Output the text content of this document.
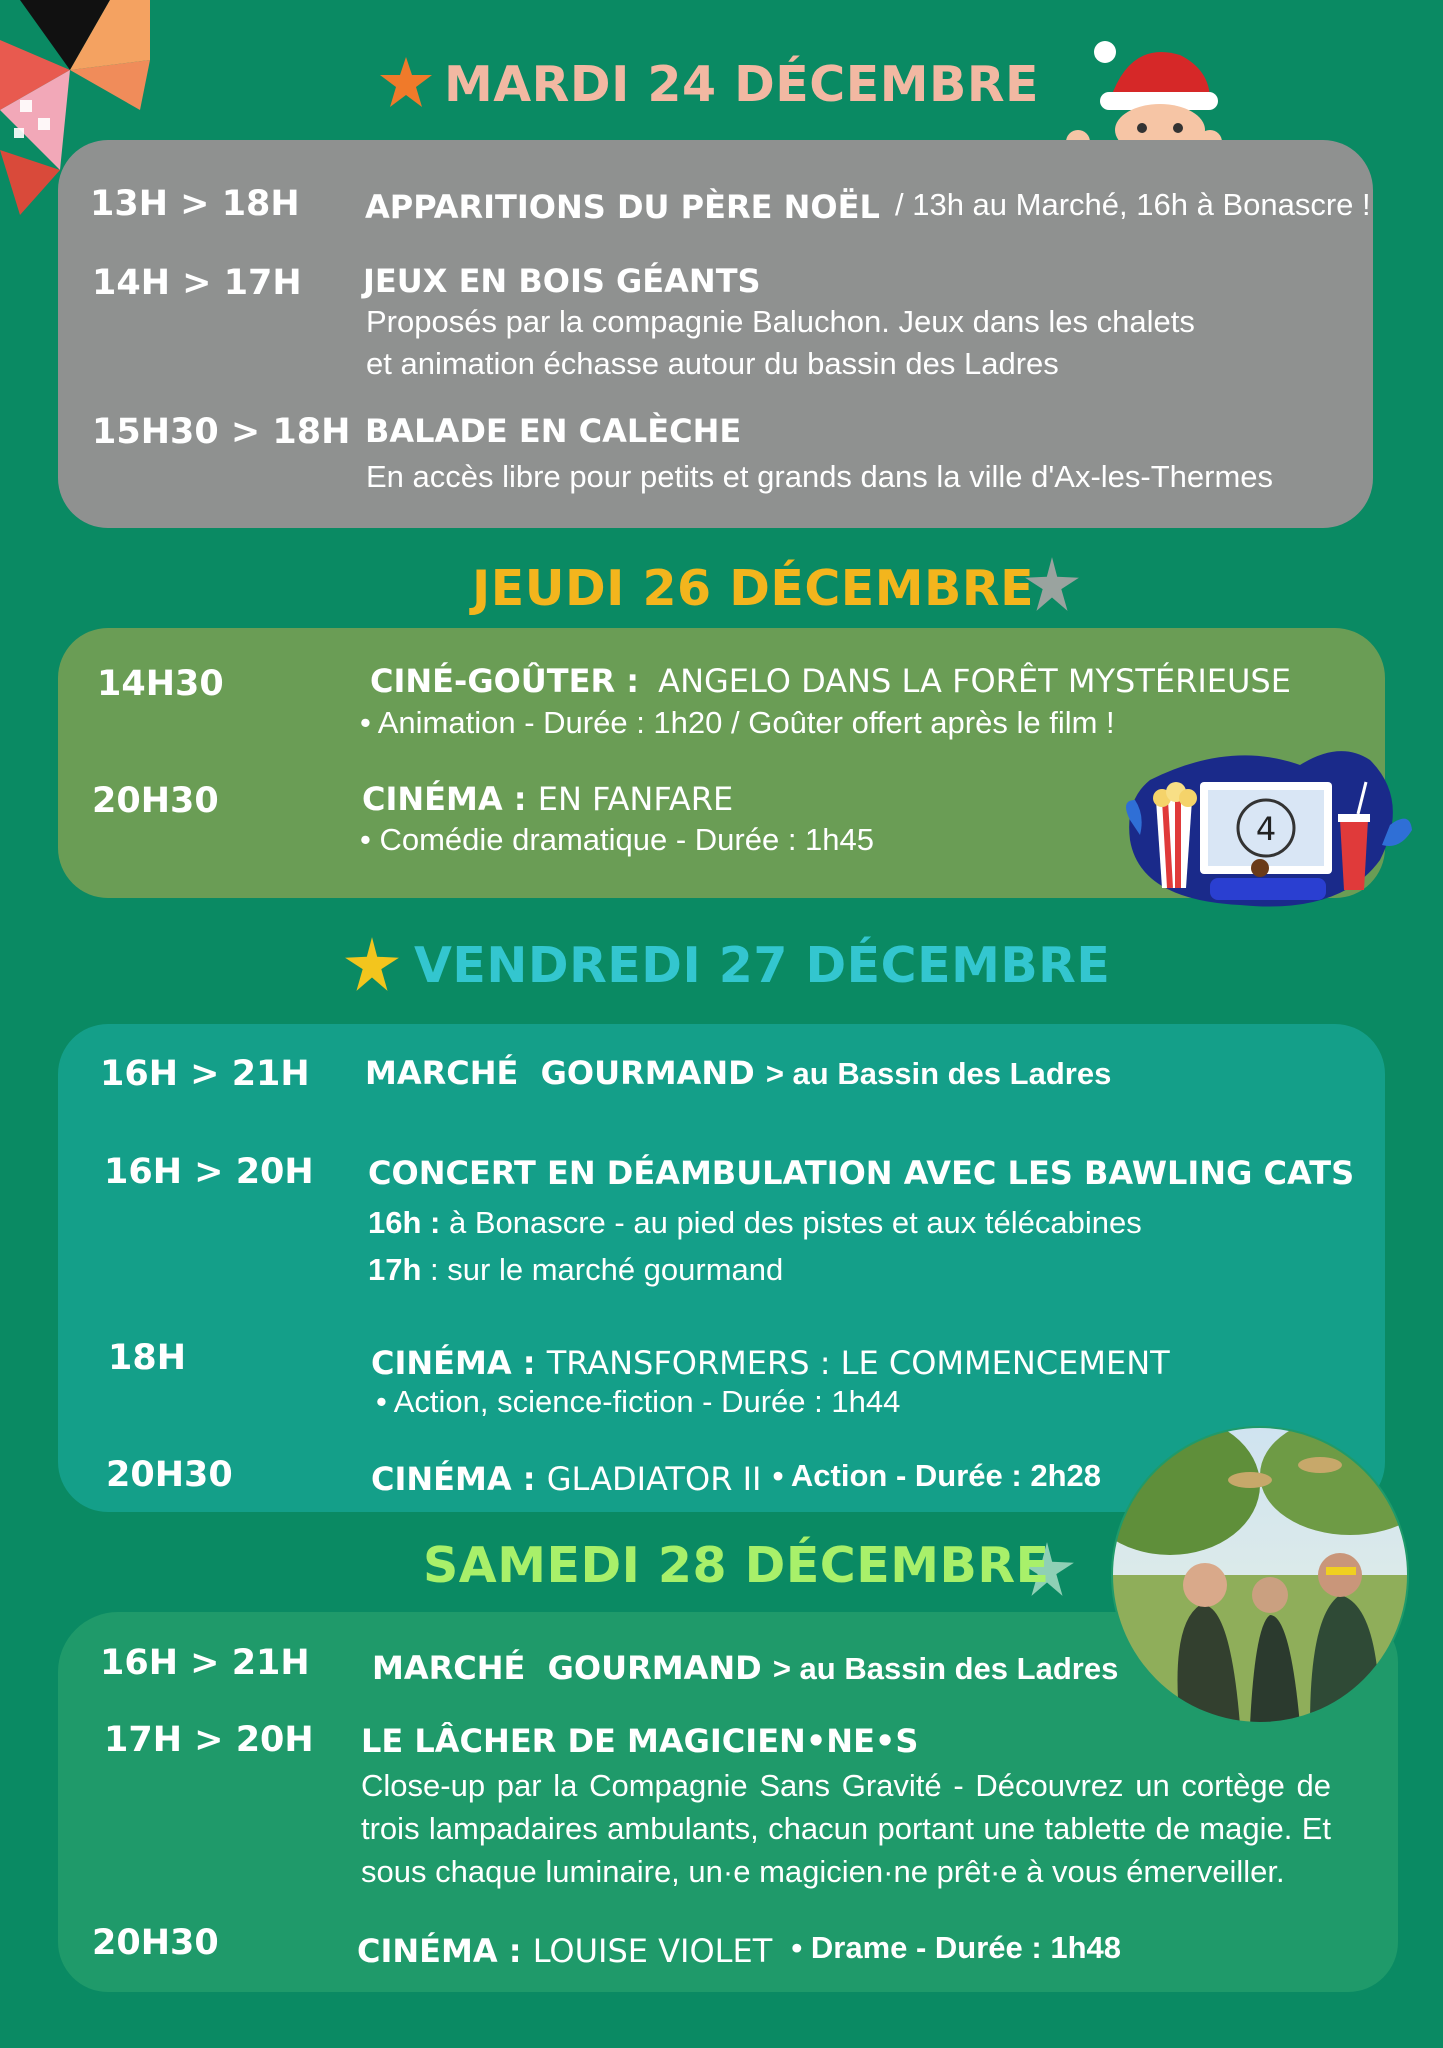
MARDI 24 DÉCEMBRE
13H > 18H APPARITIONS DU PÈRE NOËL / 13h au Marché, 16h à Bonascre !
14H > 17H JEUX EN BOIS GÉANTS
Proposés par la compagnie Baluchon. Jeux dans les chalets
et animation échasse autour du bassin des Ladres
15H30 > 18H BALADE EN CALÈCHE
En accès libre pour petits et grands dans la ville d'Ax-les-Thermes
JEUDI 26 DÉCEMBRE
14H30	CINÉ-GOÛTER : ANGELO DANS LA FORÊT MYSTÉRIEUSE
• Animation - Durée : 1h20 / Goûter offert après le film !
20H30	CINÉMA : EN FANFARE
• Comédie dramatique - Durée : 1h45	4
VENDREDI 27 DÉCEMBRE
16H > 21H MARCHÉ  GOURMAND > au Bassin des Ladres
16H > 20H CONCERT EN DÉAMBULATION AVEC LES BAWLING CATS
16h : à Bonascre - au pied des pistes et aux télécabines
17h : sur le marché gourmand
18H	CINÉMA : TRANSFORMERS : LE COMMENCEMENT
• Action, science-fiction - Durée : 1h44
20H30	CINÉMA : GLADIATOR II • Action - Durée : 2h28
SAMEDI 28 DÉCEMBRE
16H > 21H MARCHÉ  GOURMAND > au Bassin des Ladres
17H > 20H LE LÂCHER DE MAGICIEN•NE•S
Close-up par la Compagnie Sans Gravité - Découvrez un cortège de trois lampadaires ambulants, chacun portant une tablette de magie. Et sous chaque luminaire, un·e magicien·ne prêt·e à vous émerveiller.
20H30	CINÉMA : LOUISE VIOLET • Drame - Durée : 1h48
